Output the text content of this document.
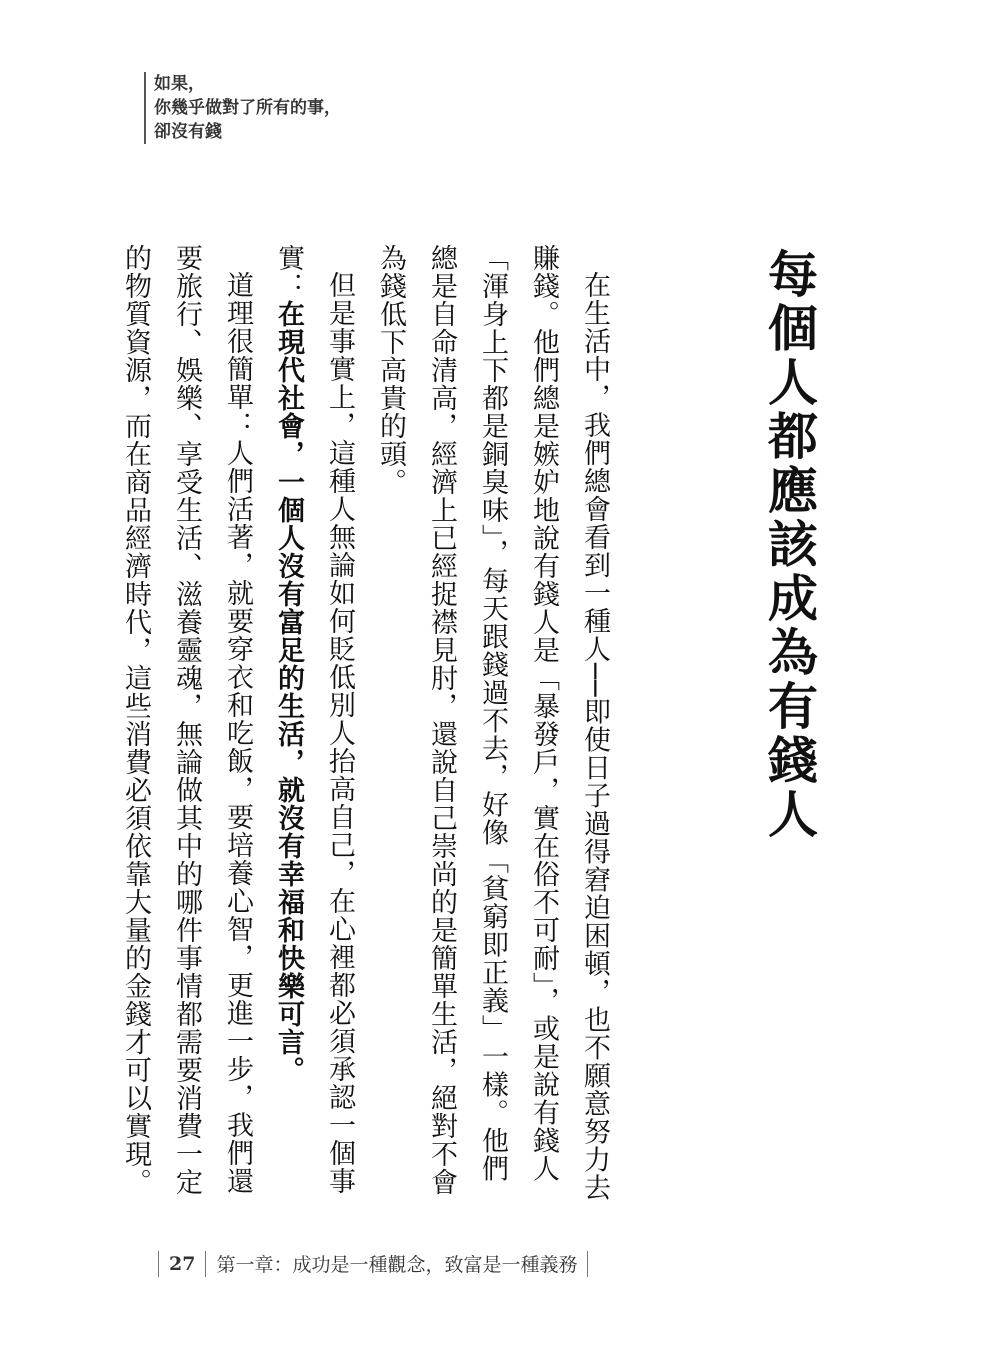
如果，
你幾乎做對了所有的事，
卻沒有錢
每個人都應該成為有錢人

在生活中，我們總會看到一種人──即使日子過得窘迫困頓，也不願意努力去賺錢。他們總是嫉妒地說有錢人是「暴發戶，實在俗不可耐」，或是說有錢人「渾身上下都是銅臭味」，每天跟錢過不去，好像「貧窮即正義」一樣。他們總是自命清高，經濟上已經捉襟見肘，還說自己崇尚的是簡單生活，絕對不會為錢低下高貴的頭。

但是事實上，這種人無論如何貶低別人抬高自己，在心裡都必須承認一個事實：在現代社會，一個人沒有富足的生活，就沒有幸福和快樂可言。

道理很簡單：人們活著，就要穿衣和吃飯，要培養心智，更進一步，我們還要旅行、娛樂、享受生活、滋養靈魂，無論做其中的哪件事情都需要消費一定的物質資源，而在商品經濟時代，這些消費必須依靠大量的金錢才可以實現。

27 第一章：成功是一種觀念，致富是一種義務
